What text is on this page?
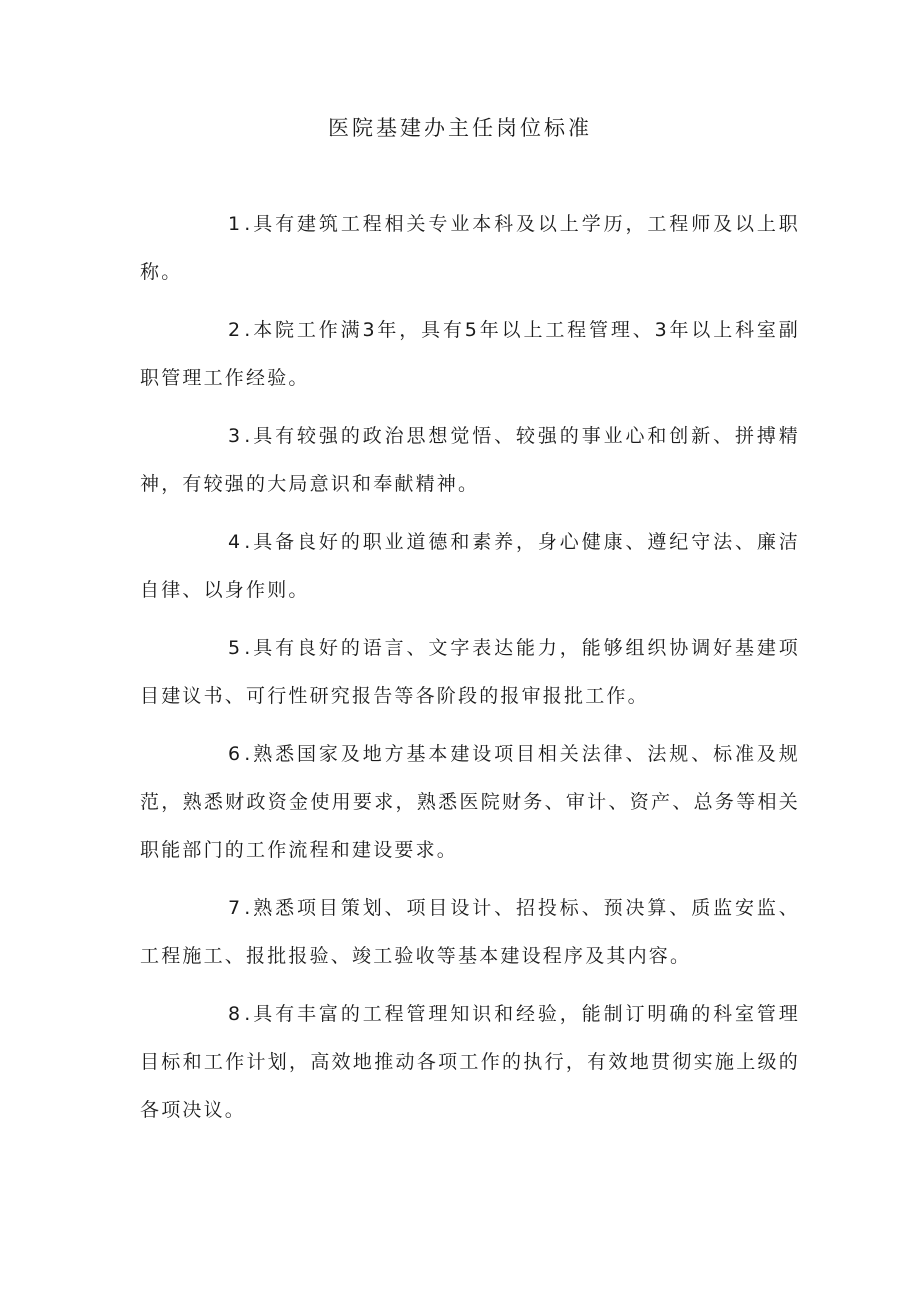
医院基建办主任岗位标准

1 .具有建筑工程相关专业本科及以上学历，工程师及以上职称。

2 .本院工作满3年，具有5年以上工程管理、3年以上科室副职管理工作经验。

3 .具有较强的政治思想觉悟、较强的事业心和创新、拼搏精神，有较强的大局意识和奉献精神。

4 .具备良好的职业道德和素养，身心健康、遵纪守法、廉洁自律、以身作则。

5 .具有良好的语言、文字表达能力，能够组织协调好基建项目建议书、可行性研究报告等各阶段的报审报批工作。

6 .熟悉国家及地方基本建设项目相关法律、法规、标准及规范，熟悉财政资金使用要求，熟悉医院财务、审计、资产、总务等相关职能部门的工作流程和建设要求。

7 .熟悉项目策划、项目设计、招投标、预决算、质监安监、工程施工、报批报验、竣工验收等基本建设程序及其内容。

8 .具有丰富的工程管理知识和经验，能制订明确的科室管理目标和工作计划，高效地推动各项工作的执行，有效地贯彻实施上级的各项决议。
